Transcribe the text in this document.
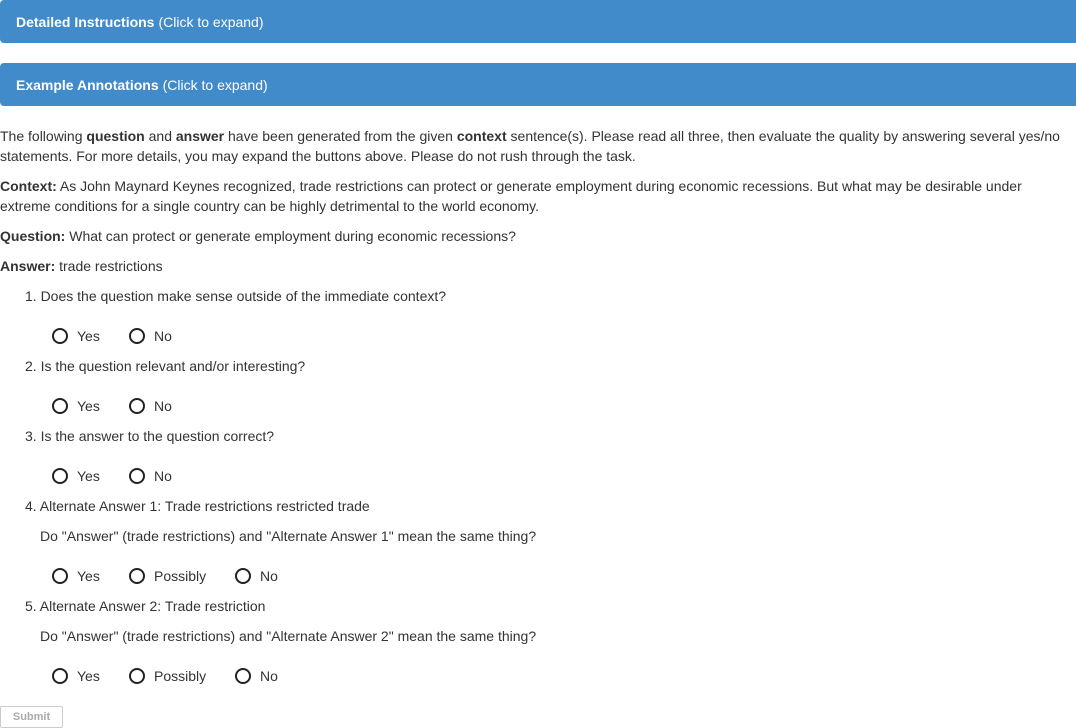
Detailed Instructions (Click to expand)
Example Annotations (Click to expand)
The following question and answer have been generated from the given context sentence(s). Please read all three, then evaluate the quality by answering several yes/no statements. For more details, you may expand the buttons above. Please do not rush through the task.
Context: As John Maynard Keynes recognized, trade restrictions can protect or generate employment during economic recessions. But what may be desirable under extreme conditions for a single country can be highly detrimental to the world economy.
Question: What can protect or generate employment during economic recessions?
Answer: trade restrictions
1. Does the question make sense outside of the immediate context?
Yes	No
2. Is the question relevant and/or interesting?
Yes	No
3. Is the answer to the question correct?
Yes	No
4. Alternate Answer 1: Trade restrictions restricted trade
Do "Answer" (trade restrictions) and "Alternate Answer 1" mean the same thing?
Yes	Possibly	No
5. Alternate Answer 2: Trade restriction
Do "Answer" (trade restrictions) and "Alternate Answer 2" mean the same thing?
Yes	Possibly	No
Submit
